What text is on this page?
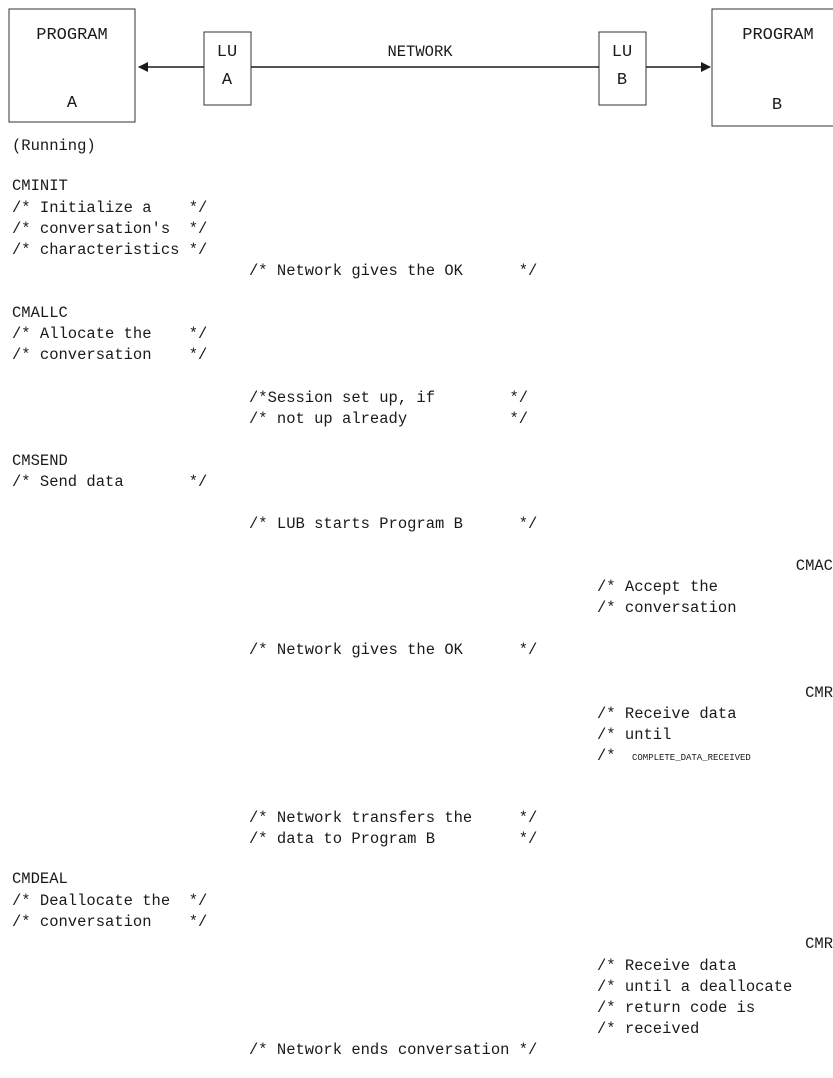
PROGRAM
A
(Running)
LU
A
LU
B
PROGRAM
B
NETWORK
CMINIT
/* Initialize a    */
/* conversation's  */
/* characteristics */
CMALLC
/* Allocate the    */
/* conversation    */
CMSEND
/* Send data       */
CMDEAL
/* Deallocate the  */
/* conversation    */
/* Network gives the OK      */
/*Session set up, if        */
/* not up already           */
/* LUB starts Program B      */
/* Network gives the OK      */
/* Network transfers the     */
/* data to Program B         */
/* Network ends conversation */
CMAC
/* Accept the
/* conversation
CMR
/* Receive data
/* until
/* COMPLETE_DATA_RECEIVED
CMR
/* Receive data
/* until a deallocate
/* return code is
/* received
